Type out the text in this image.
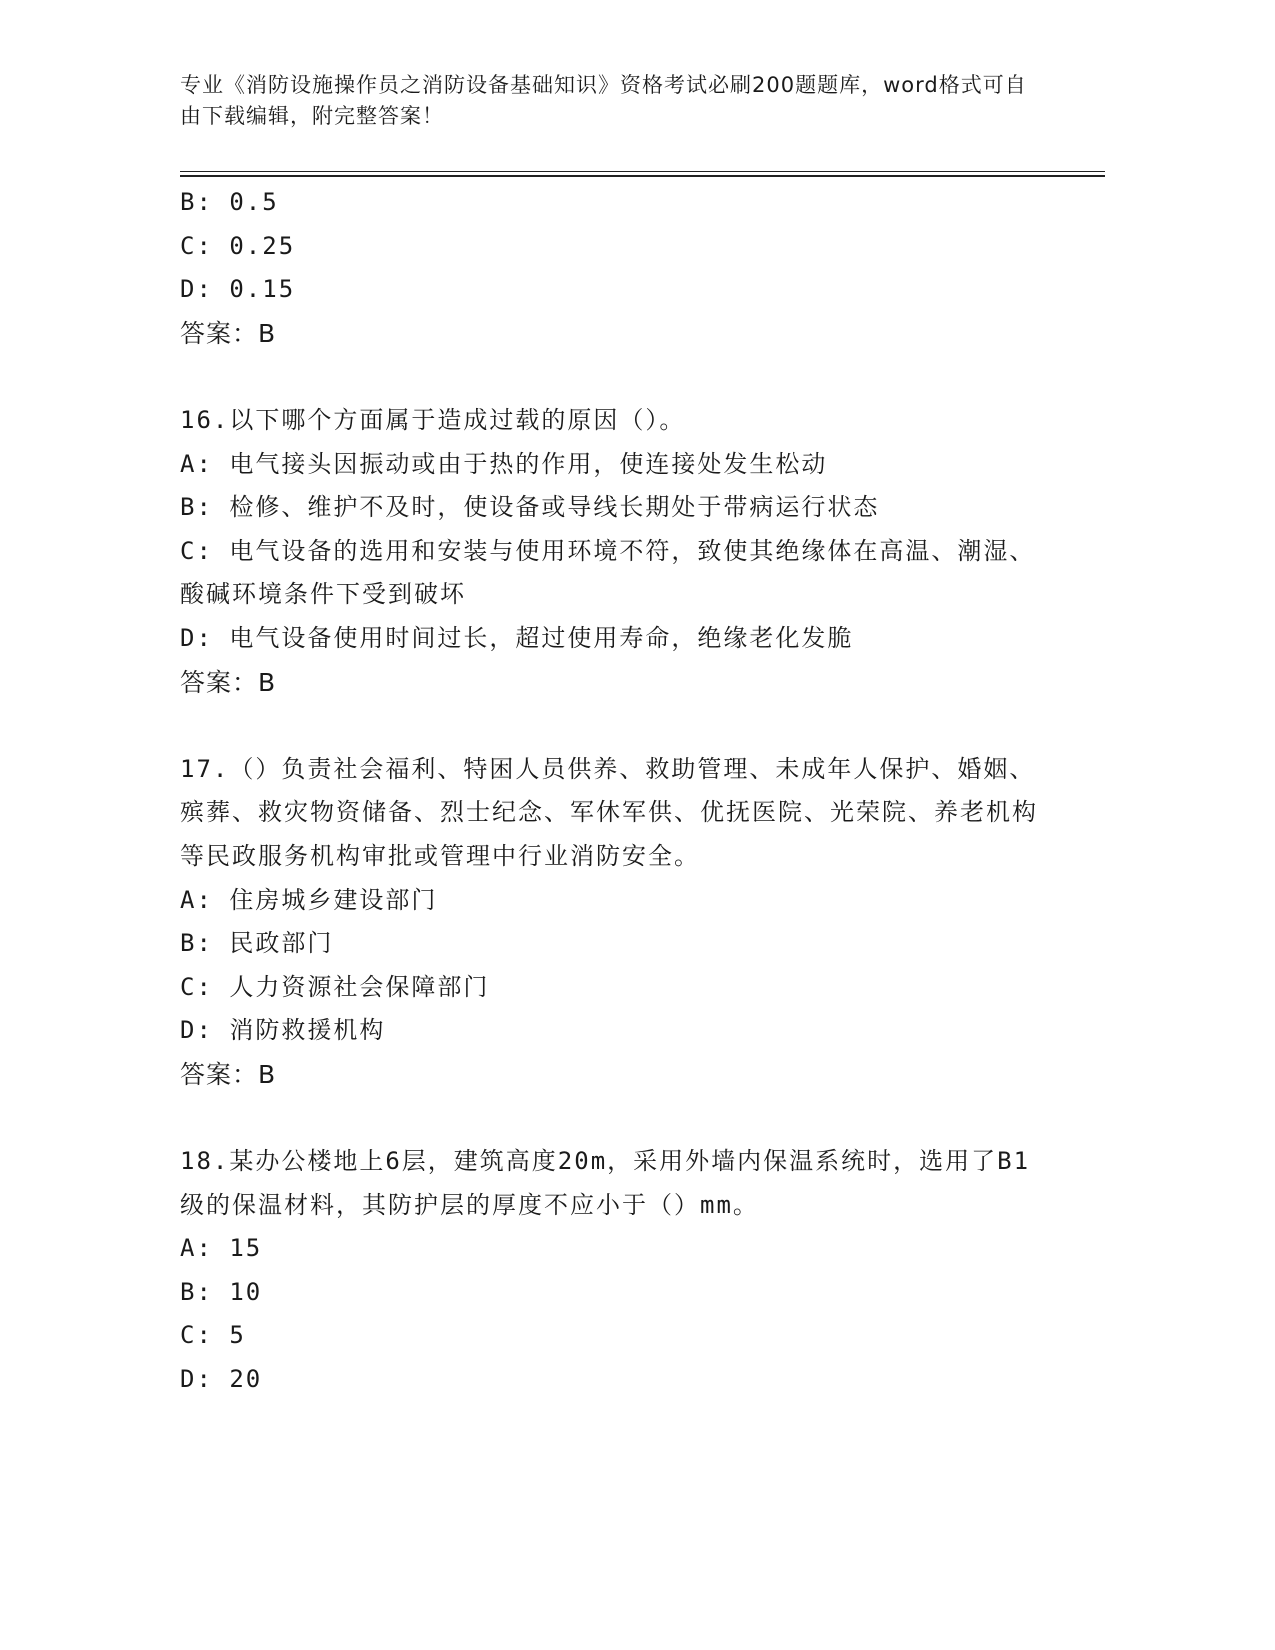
专业《消防设施操作员之消防设备基础知识》资格考试必刷200题题库，word格式可自由下载编辑，附完整答案！
B: 0.5
C: 0.25
D: 0.15
答案：B
16.以下哪个方面属于造成过载的原因（）。
A: 电气接头因振动或由于热的作用，使连接处发生松动
B: 检修、维护不及时，使设备或导线长期处于带病运行状态
C: 电气设备的选用和安装与使用环境不符，致使其绝缘体在高温、潮湿、酸碱环境条件下受到破坏
D: 电气设备使用时间过长，超过使用寿命，绝缘老化发脆
答案：B
17.（）负责社会福利、特困人员供养、救助管理、未成年人保护、婚姻、殡葬、救灾物资储备、烈士纪念、军休军供、优抚医院、光荣院、养老机构等民政服务机构审批或管理中行业消防安全。
A: 住房城乡建设部门
B: 民政部门
C: 人力资源社会保障部门
D: 消防救援机构
答案：B
18.某办公楼地上6层，建筑高度20m，采用外墙内保温系统时，选用了B1级的保温材料，其防护层的厚度不应小于（）mm。
A: 15
B: 10
C: 5
D: 20
